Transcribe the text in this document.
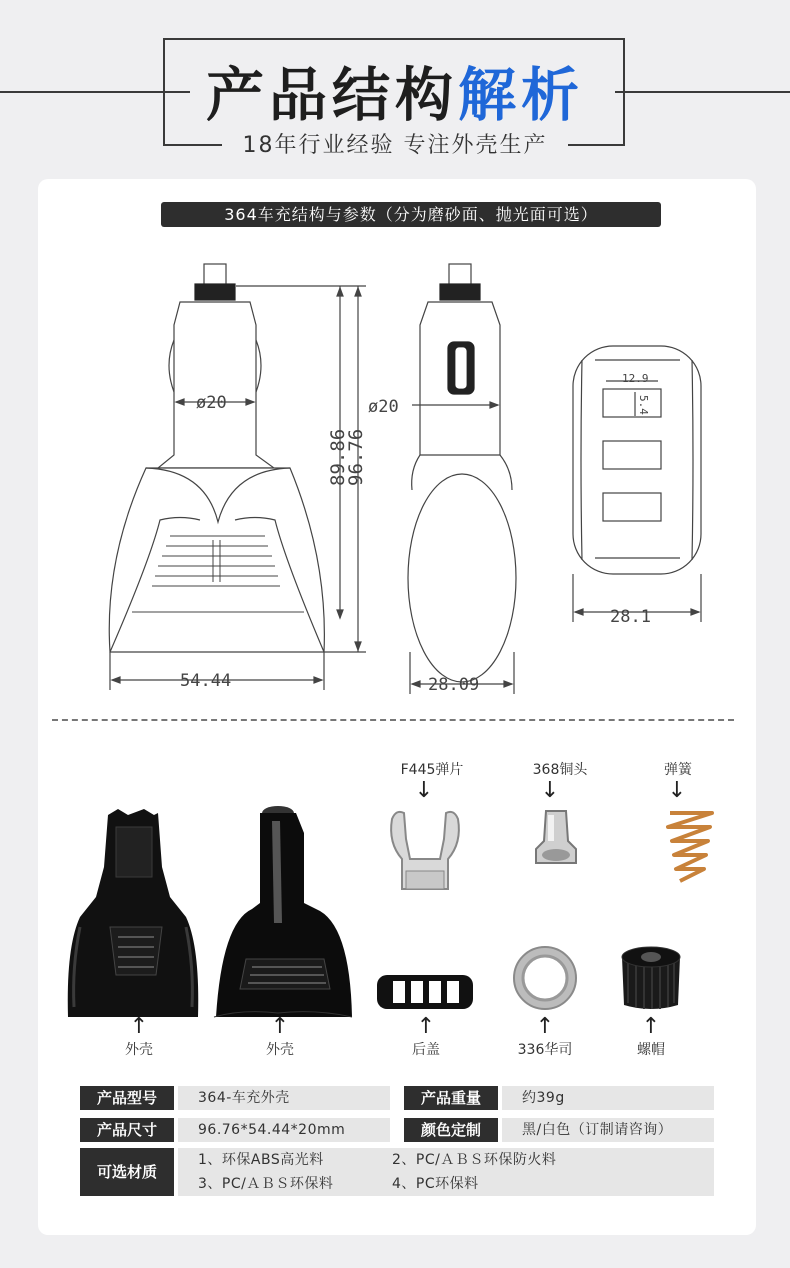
产品结构解析
18年行业经验 专注外壳生产
364车充结构与参数（分为磨砂面、抛光面可选）
ø20
54.44
89.86
96.76
ø20
28.09
12.9
5.4
28.1
↓	↓	↓
↑	↑	↑	↑	↑
F445弹片	368铜头	弹簧
外壳	外壳	后盖	336华司	螺帽
产品型号	364-车充外壳	产品重量	约39g
产品尺寸	96.76*54.44*20mm	颜色定制	黑/白色（订制请咨询）
可选材质
1、环保ABS高光料	2、PC/ＡＢＳ环保防火料
3、PC/ＡＢＳ环保料	4、PC环保料
